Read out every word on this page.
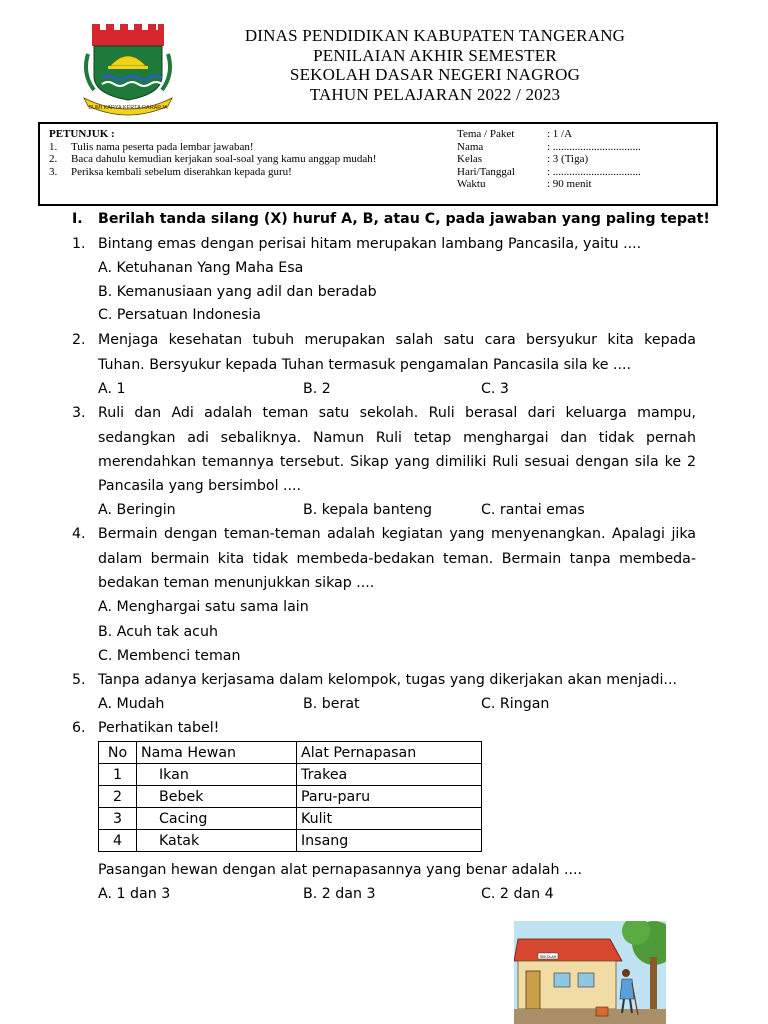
BUMI KARYA KERTA RAHARJA
DINAS PENDIDIKAN KABUPATEN TANGERANG
PENILAIAN AKHIR SEMESTER
SEKOLAH DASAR NEGERI NAGROG
TAHUN PELAJARAN 2022 / 2023
PETUNJUK :
1.	Tulis nama peserta pada lembar jawaban!
2.	Baca dahulu kemudian kerjakan soal-soal yang kamu anggap mudah!
3.	Periksa kembali sebelum diserahkan kepada guru!
Tema / Paket	: 1 /A
Nama	: ................................
Kelas	: 3 (Tiga)
Hari/Tanggal	: ................................
Waktu	: 90 menit
I. Berilah tanda silang (X) huruf A, B, atau C, pada jawaban yang paling tepat!
1. Bintang emas dengan perisai hitam merupakan lambang Pancasila, yaitu ....
A. Ketuhanan Yang Maha Esa
B. Kemanusiaan yang adil dan beradab
C. Persatuan Indonesia
2. Menjaga kesehatan tubuh merupakan salah satu cara bersyukur kita kepada
Tuhan. Bersyukur kepada Tuhan termasuk pengamalan Pancasila sila ke ....
A. 1	B. 2	C. 3
3. Ruli dan Adi adalah teman satu sekolah. Ruli berasal dari keluarga mampu,
sedangkan adi sebaliknya. Namun Ruli tetap menghargai dan tidak pernah
merendahkan temannya tersebut. Sikap yang dimiliki Ruli sesuai dengan sila ke 2
Pancasila yang bersimbol ....
A. Beringin	B. kepala banteng	C. rantai emas
4. Bermain dengan teman-teman adalah kegiatan yang menyenangkan. Apalagi jika
dalam bermain kita tidak membeda-bedakan teman. Bermain tanpa membeda-
bedakan teman menunjukkan sikap ....
A. Menghargai satu sama lain
B. Acuh tak acuh
C. Membenci teman
5. Tanpa adanya kerjasama dalam kelompok, tugas yang dikerjakan akan menjadi...
A. Mudah	B. berat	C. Ringan
6. Perhatikan tabel!
No	Nama Hewan	Alat Pernapasan
1	Ikan	Trakea
2	Bebek	Paru-paru
3	Cacing	Kulit
4	Katak	Insang
Pasangan hewan dengan alat pernapasannya yang benar adalah ....
A. 1 dan 3	B. 2 dan 3	C. 2 dan 4
SEKOLAH
